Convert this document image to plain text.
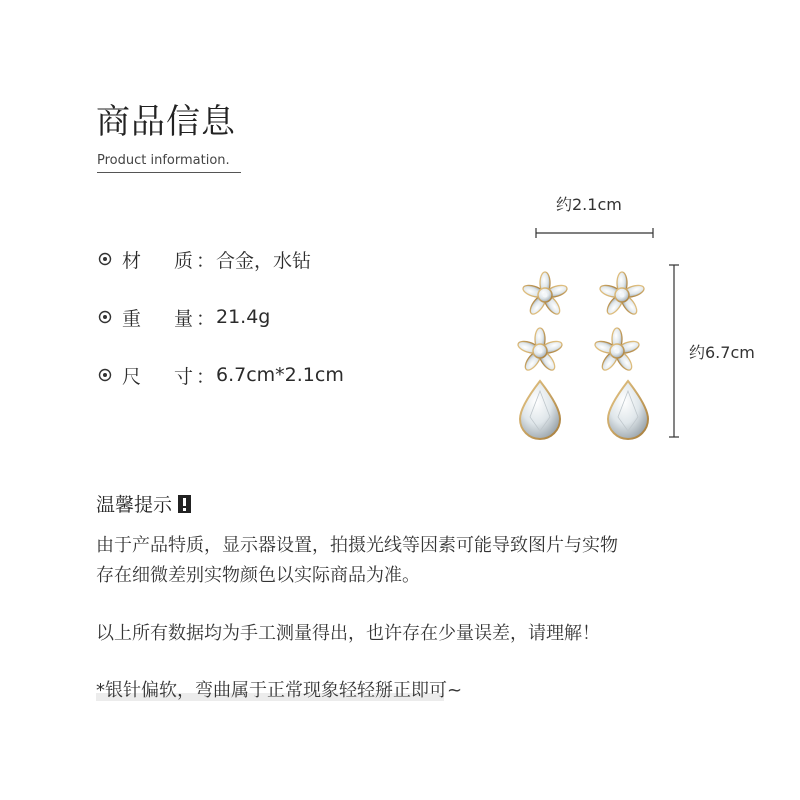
商品信息
Product information.
材 质 ： 合金，水钻
重 量 ： 21.4g
尺 寸 ： 6.7cm*2.1cm
约2.1cm
约6.7cm
温馨提示
由于产品特质，显示器设置，拍摄光线等因素可能导致图片与实物
存在细微差别实物颜色以实际商品为准。
以上所有数据均为手工测量得出，也许存在少量误差，请理解！
*银针偏软，弯曲属于正常现象轻轻掰正即可~
